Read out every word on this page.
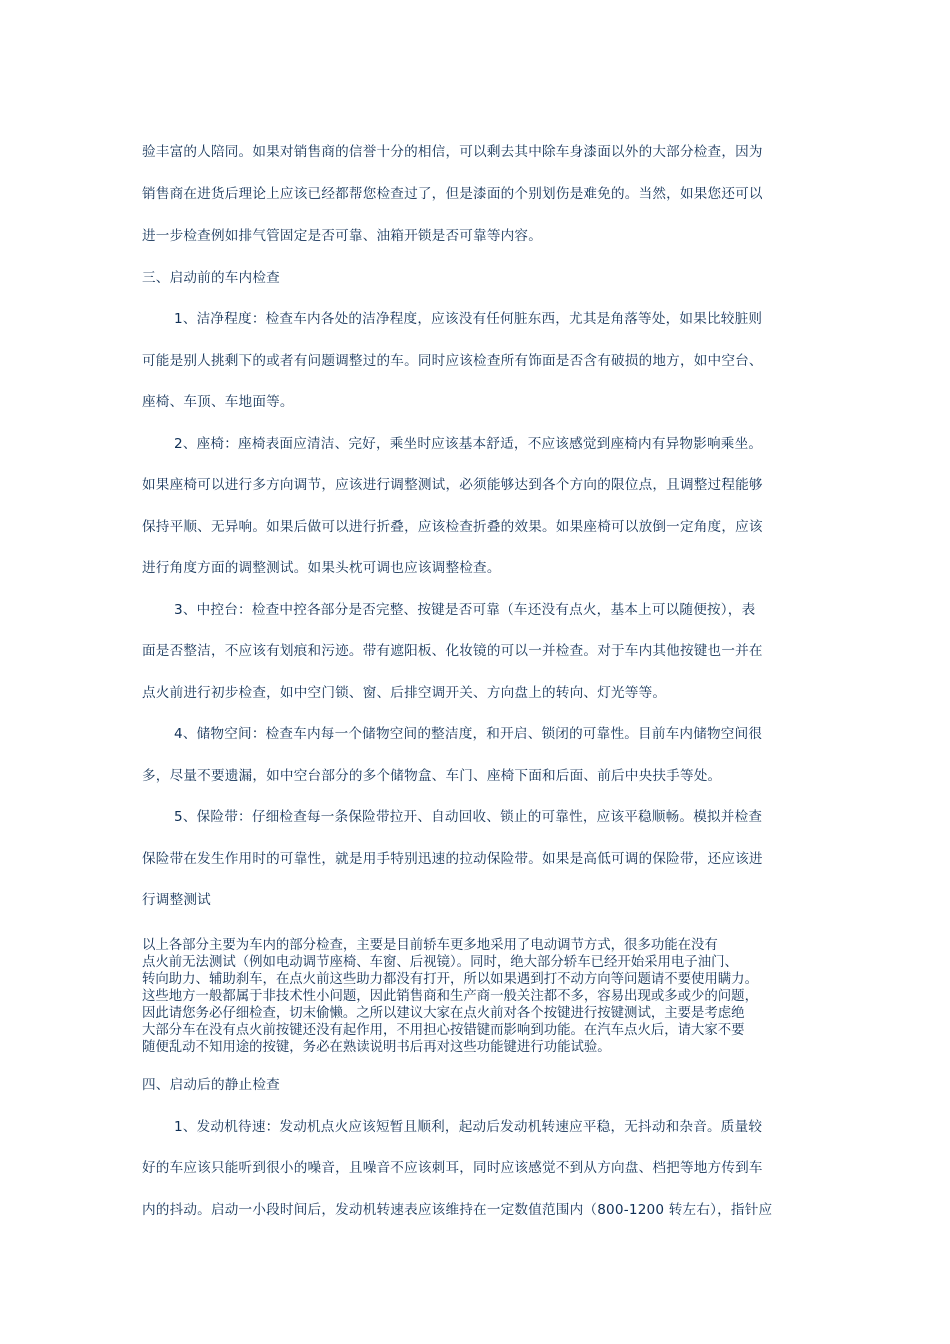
验丰富的人陪同。如果对销售商的信誉十分的相信，可以剩去其中除车身漆面以外的大部分检查，因为
销售商在进货后理论上应该已经都帮您检查过了，但是漆面的个别划伤是难免的。当然，如果您还可以
进一步检查例如排气管固定是否可靠、油箱开锁是否可靠等内容。
三、启动前的车内检查
1、洁净程度：检查车内各处的洁净程度，应该没有任何脏东西，尤其是角落等处，如果比较脏则
可能是别人挑剩下的或者有问题调整过的车。同时应该检查所有饰面是否含有破损的地方，如中空台、
座椅、车顶、车地面等。
2、座椅：座椅表面应清洁、完好，乘坐时应该基本舒适，不应该感觉到座椅内有异物影响乘坐。
如果座椅可以进行多方向调节，应该进行调整测试，必须能够达到各个方向的限位点，且调整过程能够
保持平顺、无异响。如果后做可以进行折叠，应该检查折叠的效果。如果座椅可以放倒一定角度，应该
进行角度方面的调整测试。如果头枕可调也应该调整检查。
3、中控台：检查中控各部分是否完整、按键是否可靠（车还没有点火，基本上可以随便按），表
面是否整洁，不应该有划痕和污迹。带有遮阳板、化妆镜的可以一并检查。对于车内其他按键也一并在
点火前进行初步检查，如中空门锁、窗、后排空调开关、方向盘上的转向、灯光等等。
4、储物空间：检查车内每一个储物空间的整洁度，和开启、锁闭的可靠性。目前车内储物空间很
多，尽量不要遗漏，如中空台部分的多个储物盒、车门、座椅下面和后面、前后中央扶手等处。
5、保险带：仔细检查每一条保险带拉开、自动回收、锁止的可靠性，应该平稳顺畅。模拟并检查
保险带在发生作用时的可靠性，就是用手特别迅速的拉动保险带。如果是高低可调的保险带，还应该进
行调整测试

以上各部分主要为车内的部分检查，主要是目前轿车更多地采用了电动调节方式，很多功能在没有

点火前无法测试（例如电动调节座椅、车窗、后视镜）。同时，绝大部分轿车已经开始采用电子油门、

转向助力、辅助刹车，在点火前这些助力都没有打开，所以如果遇到打不动方向等问题请不要使用瞒力。

这些地方一般都属于非技术性小问题，因此销售商和生产商一般关注都不多，容易出现或多或少的问题，

因此请您务必仔细检查，切末偷懒。之所以建议大家在点火前对各个按键进行按键测试，主要是考虑绝

大部分车在没有点火前按键还没有起作用，不用担心按错键而影响到功能。在汽车点火后，请大家不要

随便乱动不知用途的按键，务必在熟读说明书后再对这些功能键进行功能试验。

四、启动后的静止检查
1、发动机待速：发动机点火应该短暂且顺利，起动后发动机转速应平稳，无抖动和杂音。质量较
好的车应该只能听到很小的噪音，且噪音不应该刺耳，同时应该感觉不到从方向盘、档把等地方传到车
内的抖动。启动一小段时间后，发动机转速表应该维持在一定数值范围内（800-1200 转左右），指针应
